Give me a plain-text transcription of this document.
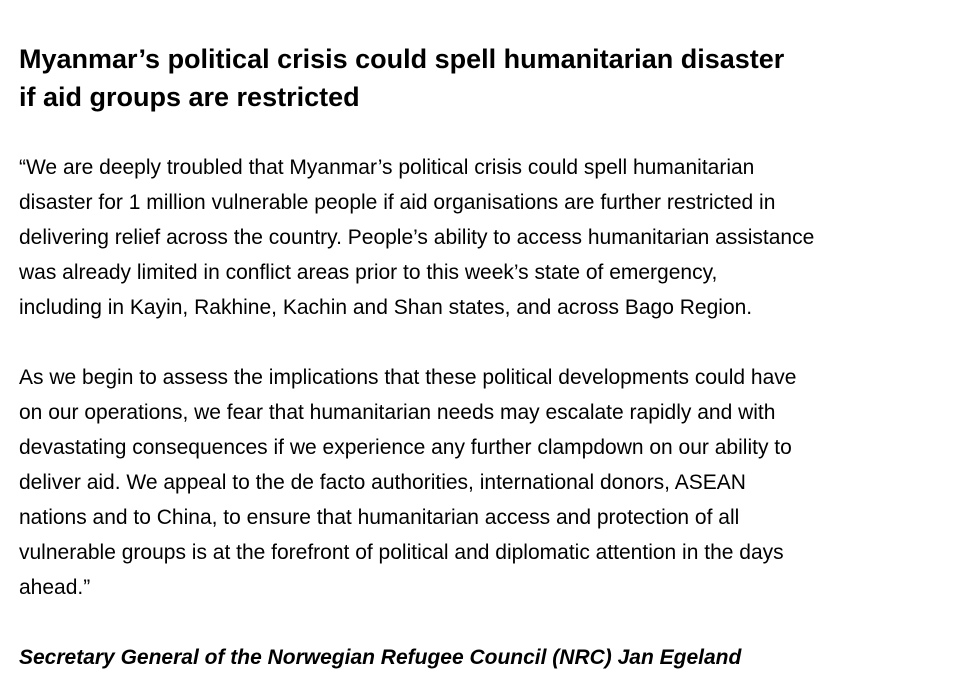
Myanmar’s political crisis could spell humanitarian disaster
if aid groups are restricted

“We are deeply troubled that Myanmar’s political crisis could spell humanitarian
disaster for 1 million vulnerable people if aid organisations are further restricted in
delivering relief across the country. People’s ability to access humanitarian assistance
was already limited in conflict areas prior to this week’s state of emergency,
including in Kayin, Rakhine, Kachin and Shan states, and across Bago Region.

As we begin to assess the implications that these political developments could have
on our operations, we fear that humanitarian needs may escalate rapidly and with
devastating consequences if we experience any further clampdown on our ability to
deliver aid. We appeal to the de facto authorities, international donors, ASEAN
nations and to China, to ensure that humanitarian access and protection of all
vulnerable groups is at the forefront of political and diplomatic attention in the days
ahead.”

Secretary General of the Norwegian Refugee Council (NRC) Jan Egeland
